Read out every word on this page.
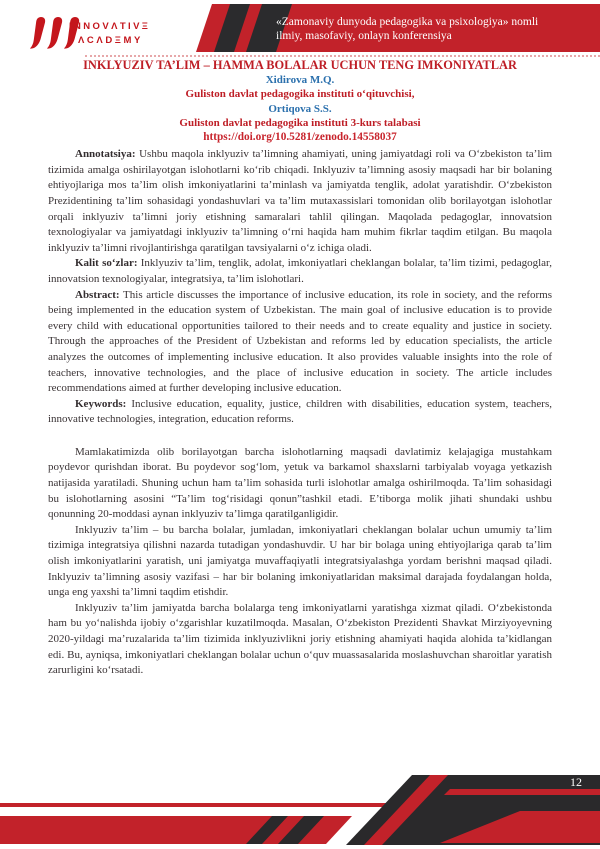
INNOVΛTIVΞ
ΛCΛDΞMY
«Zamonaviy dunyoda pedagogika va psixologiya» nomli
ilmiy, masofaviy, onlayn konferensiya
INKLYUZIV TA’LIM – HAMMA BOLALAR UCHUN TENG IMKONIYATLAR
Xidirova M.Q.
Guliston davlat pedagogika instituti o‘qituvchisi,
Ortiqova S.S.
Guliston davlat pedagogika instituti 3-kurs talabasi
https://doi.org/10.5281/zenodo.14558037

Annotatsiya: Ushbu maqola inklyuziv ta’limning ahamiyati, uning jamiyatdagi roli va O‘zbekiston ta’lim tizimida amalga oshirilayotgan islohotlarni ko‘rib chiqadi. Inklyuziv ta’limning asosiy maqsadi har bir bolaning ehtiyojlariga mos ta’lim olish imkoniyatlarini ta’minlash va jamiyatda tenglik, adolat yaratishdir. O‘zbekiston Prezidentining ta’lim sohasidagi yondashuvlari va ta’lim mutaxassislari tomonidan olib borilayotgan islohotlar orqali inklyuziv ta’limni joriy etishning samaralari tahlil qilingan. Maqolada pedagoglar, innovatsion texnologiyalar va jamiyatdagi inklyuziv ta’limning o‘rni haqida ham muhim fikrlar taqdim etilgan. Bu maqola inklyuziv ta’limni rivojlantirishga qaratilgan tavsiyalarni o‘z ichiga oladi.

Kalit so‘zlar: Inklyuziv ta’lim, tenglik, adolat, imkoniyatlari cheklangan bolalar, ta’lim tizimi, pedagoglar, innovatsion texnologiyalar, integratsiya, ta’lim islohotlari.

Abstract: This article discusses the importance of inclusive education, its role in society, and the reforms being implemented in the education system of Uzbekistan. The main goal of inclusive education is to provide every child with educational opportunities tailored to their needs and to create equality and justice in society. Through the approaches of the President of Uzbekistan and reforms led by education specialists, the article analyzes the outcomes of implementing inclusive education. It also provides valuable insights into the role of teachers, innovative technologies, and the place of inclusive education in society. The article includes recommendations aimed at further developing inclusive education.

Keywords: Inclusive education, equality, justice, children with disabilities, education system, teachers, innovative technologies, integration, education reforms.

Mamlakatimizda olib borilayotgan barcha islohotlarning maqsadi davlatimiz kelajagiga mustahkam poydevor qurishdan iborat. Bu poydevor sog‘lom, yetuk va barkamol shaxslarni tarbiyalab voyaga yetkazish natijasida yaratiladi. Shuning uchun ham ta’lim sohasida turli islohotlar amalga oshirilmoqda. Ta’lim sohasidagi bu islohotlarning asosini “Ta’lim tog‘risidagi qonun”tashkil etadi. E’tiborga molik jihati shundaki ushbu qonunning 20-moddasi aynan inklyuziv ta’limga qaratilganligidir.

Inklyuziv ta’lim – bu barcha bolalar, jumladan, imkoniyatlari cheklangan bolalar uchun umumiy ta’lim tizimiga integratsiya qilishni nazarda tutadigan yondashuvdir. U har bir bolaga uning ehtiyojlariga qarab ta’lim olish imkoniyatlarini yaratish, uni jamiyatga muvaffaqiyatli integratsiyalashga yordam berishni maqsad qiladi. Inklyuziv ta’limning asosiy vazifasi – har bir bolaning imkoniyatlaridan maksimal darajada foydalangan holda, unga eng yaxshi ta’limni taqdim etishdir.

Inklyuziv ta’lim jamiyatda barcha bolalarga teng imkoniyatlarni yaratishga xizmat qiladi. O‘zbekistonda ham bu yo‘nalishda ijobiy o‘zgarishlar kuzatilmoqda. Masalan, O‘zbekiston Prezidenti Shavkat Mirziyoyevning 2020-yildagi ma’ruzalarida ta’lim tizimida inklyuzivlikni joriy etishning ahamiyati haqida alohida ta’kidlangan edi. Bu, ayniqsa, imkoniyatlari cheklangan bolalar uchun o‘quv muassasalarida moslashuvchan sharoitlar yaratish zarurligini ko‘rsatadi.

12
